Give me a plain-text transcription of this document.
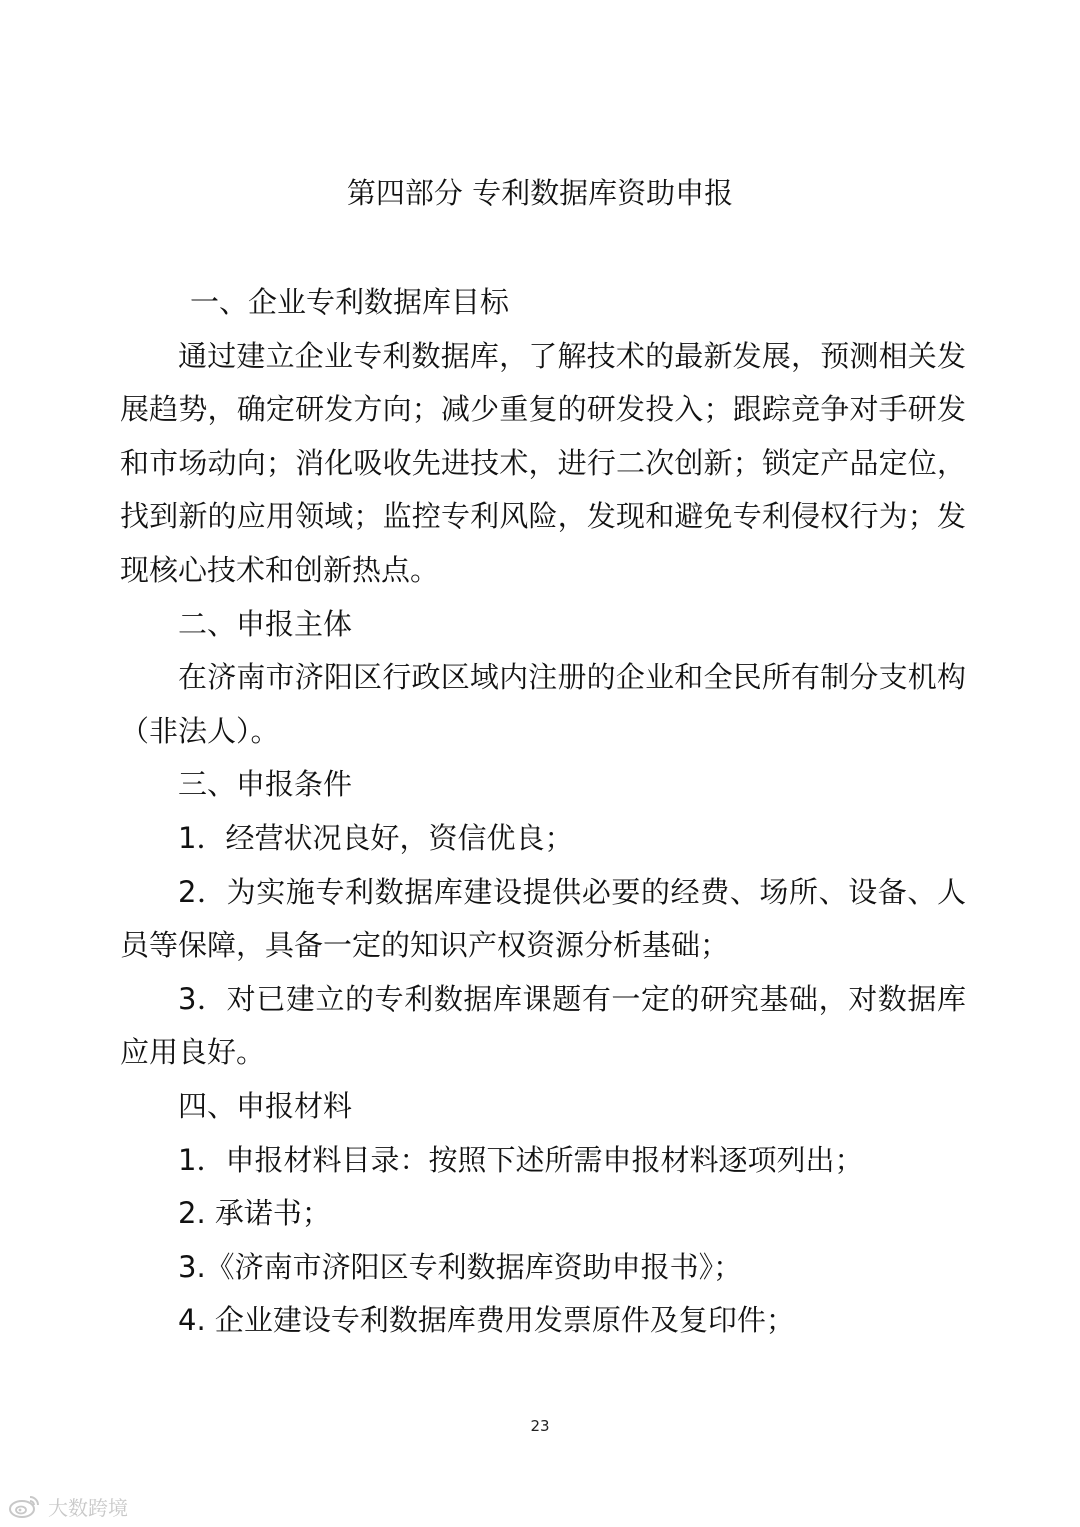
第四部分 专利数据库资助申报

一、企业专利数据库目标

通过建立企业专利数据库，了解技术的最新发展，预测相关发展趋势，确定研发方向；减少重复的研发投入；跟踪竞争对手研发和市场动向；消化吸收先进技术，进行二次创新；锁定产品定位，找到新的应用领域；监控专利风险，发现和避免专利侵权行为；发现核心技术和创新热点。

二、申报主体

在济南市济阳区行政区域内注册的企业和全民所有制分支机构（非法人）。

三、申报条件

1．经营状况良好，资信优良；

2．为实施专利数据库建设提供必要的经费、场所、设备、人员等保障，具备一定的知识产权资源分析基础；

3．对已建立的专利数据库课题有一定的研究基础，对数据库应用良好。

四、申报材料

1．申报材料目录：按照下述所需申报材料逐项列出；

2. 承诺书；

3.《济南市济阳区专利数据库资助申报书》；

4. 企业建设专利数据库费用发票原件及复印件；

23
大数跨境
